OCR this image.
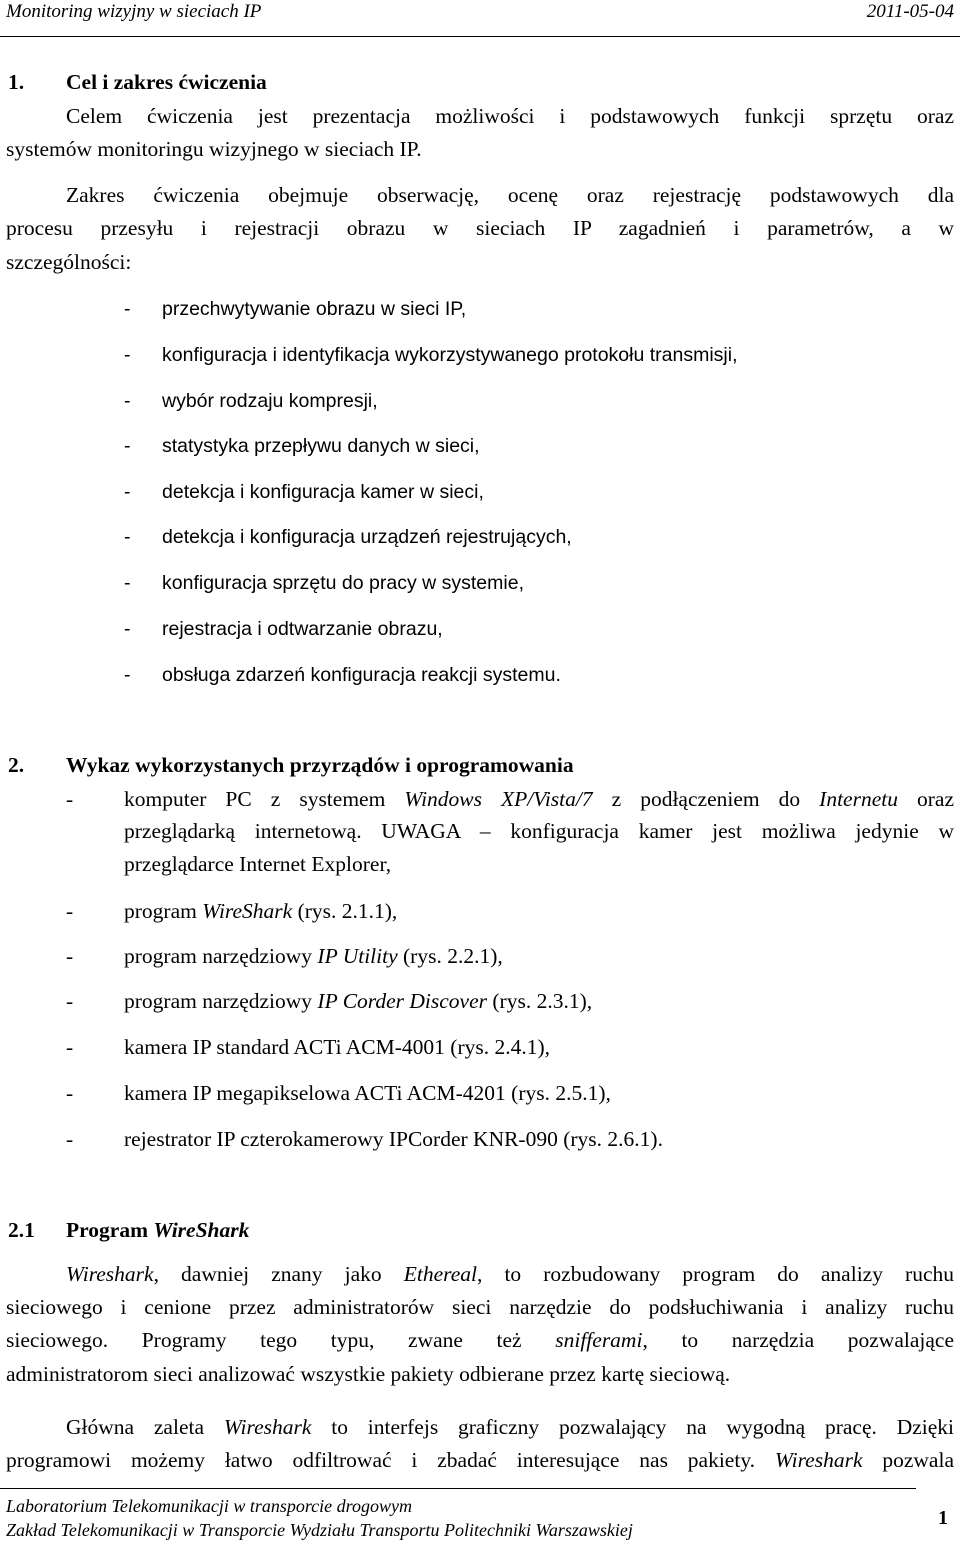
Monitoring wizyjny w sieciach IP	2011-05-04
1. Cel i zakres ćwiczenia
Celem ćwiczenia jest prezentacja możliwości i podstawowych funkcji sprzętu oraz
systemów monitoringu wizyjnego w sieciach IP.
Zakres ćwiczenia obejmuje obserwację, ocenę oraz rejestrację podstawowych dla
procesu przesyłu i rejestracji obrazu w sieciach IP zagadnień i parametrów, a w
szczególności:
- przechwytywanie obrazu w sieci IP,
- konfiguracja i identyfikacja wykorzystywanego protokołu transmisji,
- wybór rodzaju kompresji,
- statystyka przepływu danych w sieci,
- detekcja i konfiguracja kamer w sieci,
- detekcja i konfiguracja urządzeń rejestrujących,
- konfiguracja sprzętu do pracy w systemie,
- rejestracja i odtwarzanie obrazu,
- obsługa zdarzeń konfiguracja reakcji systemu.
2. Wykaz wykorzystanych przyrządów i oprogramowania
- komputer PC z systemem Windows XP/Vista/7 z podłączeniem do Internetu oraz
przeglądarką internetową. UWAGA – konfiguracja kamer jest możliwa jedynie w
przeglądarce Internet Explorer,
- program WireShark (rys. 2.1.1),
- program narzędziowy IP Utility (rys. 2.2.1),
- program narzędziowy IP Corder Discover (rys. 2.3.1),
- kamera IP standard ACTi ACM-4001 (rys. 2.4.1),
- kamera IP megapikselowa ACTi ACM-4201 (rys. 2.5.1),
- rejestrator IP czterokamerowy IPCorder KNR-090 (rys. 2.6.1).
2.1 Program WireShark
Wireshark, dawniej znany jako Ethereal, to rozbudowany program do analizy ruchu
sieciowego i cenione przez administratorów sieci narzędzie do podsłuchiwania i analizy ruchu
sieciowego. Programy tego typu, zwane też snifferami, to narzędzia pozwalające
administratorom sieci analizować wszystkie pakiety odbierane przez kartę sieciową.
Główna zaleta Wireshark to interfejs graficzny pozwalający na wygodną pracę. Dzięki
programowi możemy łatwo odfiltrować i zbadać interesujące nas pakiety. Wireshark pozwala
Laboratorium Telekomunikacji w transporcie drogowym
Zakład Telekomunikacji w Transporcie Wydziału Transportu Politechniki Warszawskiej
1
